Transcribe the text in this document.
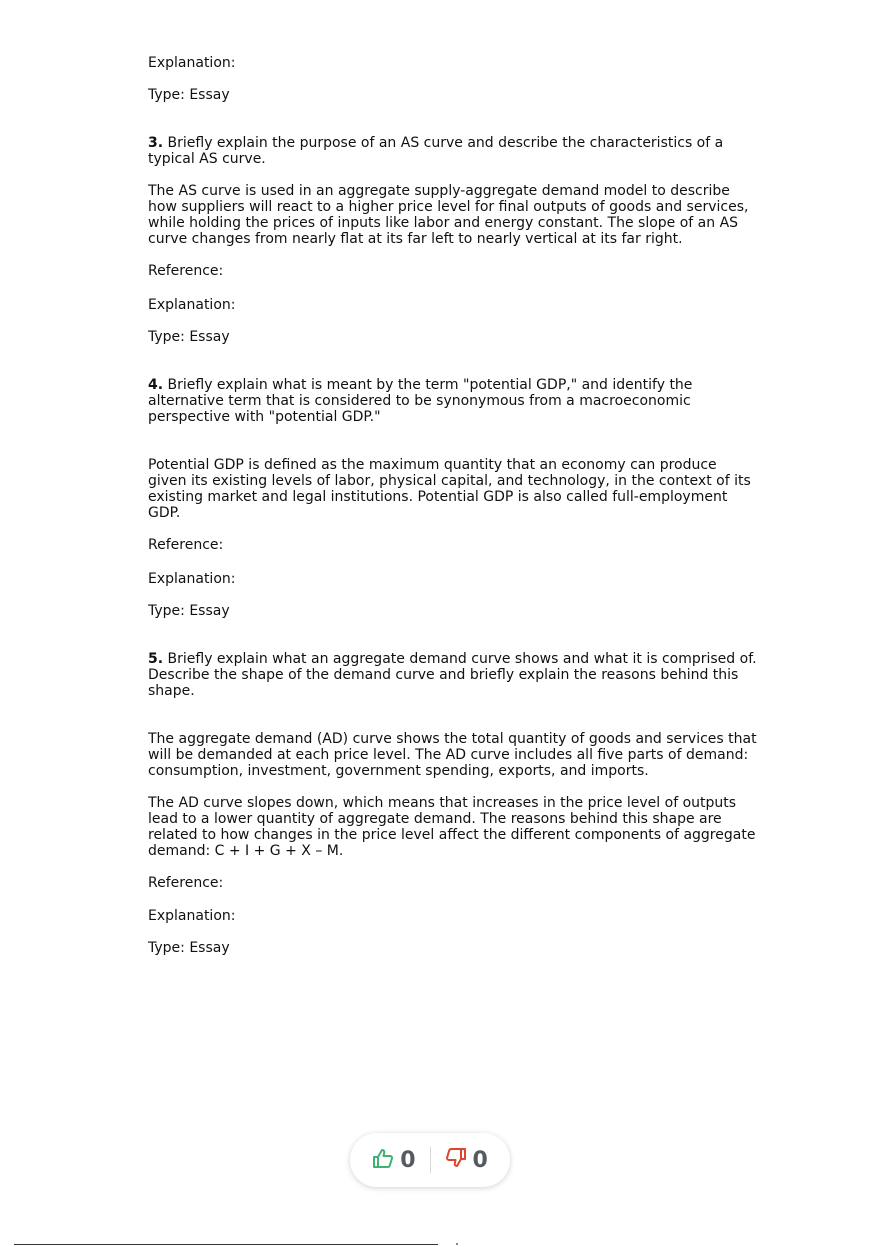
Explanation:

Type: Essay

3. Briefly explain the purpose of an AS curve and describe the characteristics of a typical AS curve.

The AS curve is used in an aggregate supply-aggregate demand model to describe how suppliers will react to a higher price level for final outputs of goods and services, while holding the prices of inputs like labor and energy constant. The slope of an AS curve changes from nearly flat at its far left to nearly vertical at its far right.

Reference:

Explanation:

Type: Essay

4. Briefly explain what is meant by the term "potential GDP," and identify the alternative term that is considered to be synonymous from a macroeconomic perspective with "potential GDP."

Potential GDP is defined as the maximum quantity that an economy can produce given its existing levels of labor, physical capital, and technology, in the context of its existing market and legal institutions. Potential GDP is also called full-employment GDP.

Reference:

Explanation:

Type: Essay

5. Briefly explain what an aggregate demand curve shows and what it is comprised of. Describe the shape of the demand curve and briefly explain the reasons behind this shape.

The aggregate demand (AD) curve shows the total quantity of goods and services that will be demanded at each price level. The AD curve includes all five parts of demand: consumption, investment, government spending, exports, and imports.

The AD curve slopes down, which means that increases in the price level of outputs lead to a lower quantity of aggregate demand. The reasons behind this shape are related to how changes in the price level affect the different components of aggregate demand: C + I + G + X – M.

Reference:

Explanation:

Type: Essay

0	0
